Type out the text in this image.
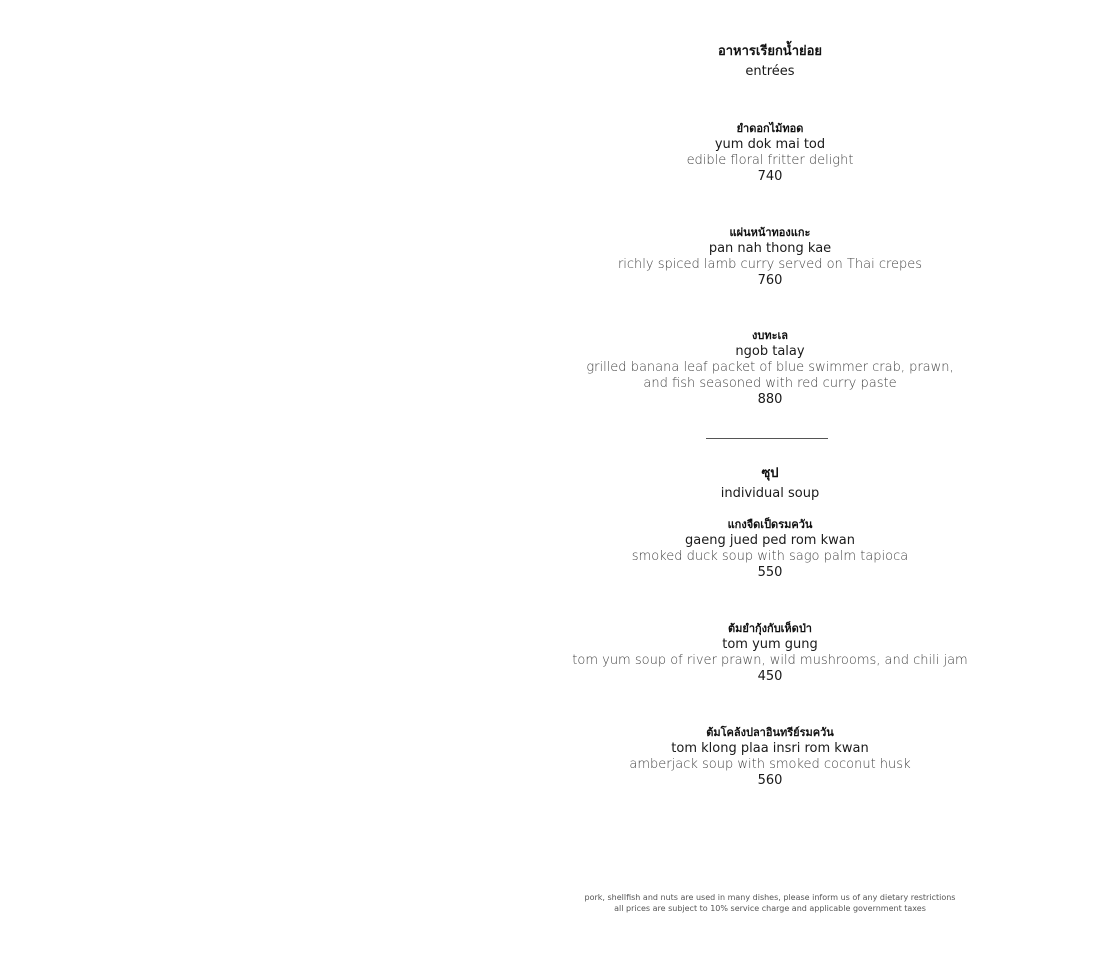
อาหารเรียกน้ำย่อย
entrées
ยำดอกไม้ทอด
yum dok mai tod
edible floral fritter delight
740
แผ่นหน้าทองแกะ
pan nah thong kae
richly spiced lamb curry served on Thai crepes
760
งบทะเล
ngob talay
grilled banana leaf packet of blue swimmer crab, prawn,
and fish seasoned with red curry paste
880
ซุป
individual soup
แกงจืดเป็ดรมควัน
gaeng jued ped rom kwan
smoked duck soup with sago palm tapioca
550
ต้มยำกุ้งกับเห็ดป่า
tom yum gung
tom yum soup of river prawn, wild mushrooms, and chili jam
450
ต้มโคล้งปลาอินทรีย์รมควัน
tom klong plaa insri rom kwan
amberjack soup with smoked coconut husk
560
pork, shellfish and nuts are used in many dishes, please inform us of any dietary restrictions
all prices are subject to 10% service charge and applicable government taxes
